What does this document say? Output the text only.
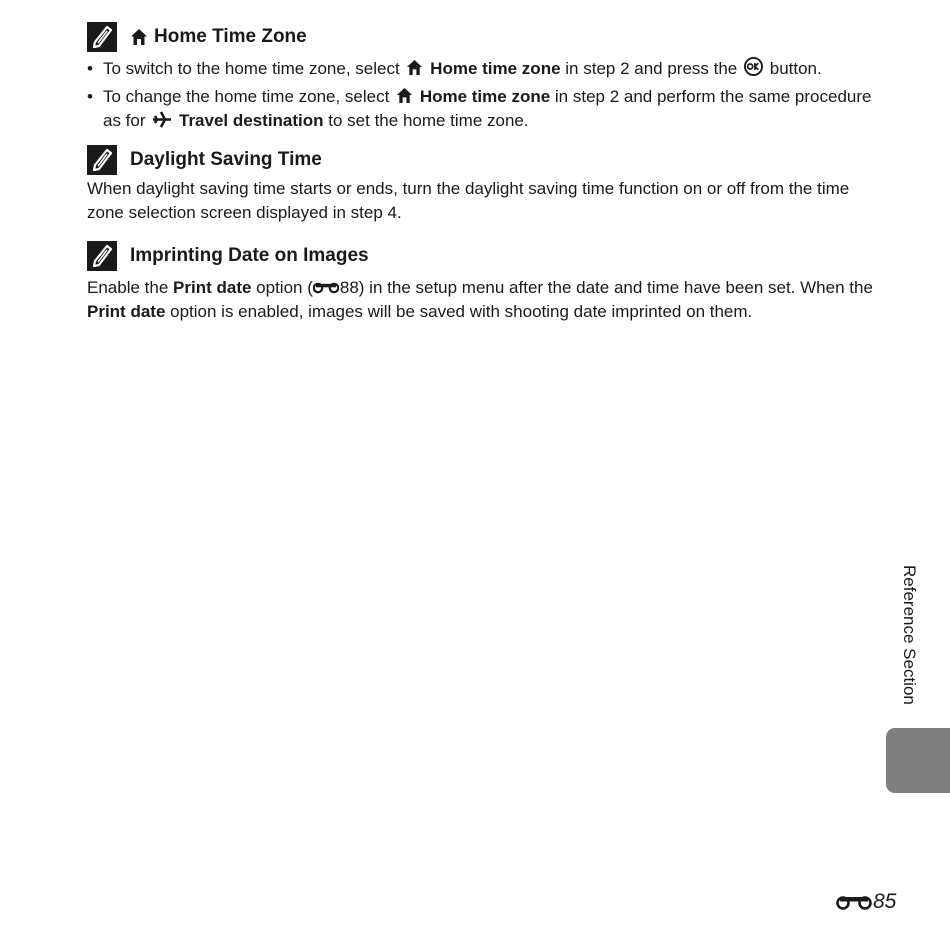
Home Time Zone
• To switch to the home time zone, select Home time zone in step 2 and press the button.
• To change the home time zone, select Home time zone in step 2 and perform the same procedure as for Travel destination to set the home time zone.
Daylight Saving Time

When daylight saving time starts or ends, turn the daylight saving time function on or off from the time zone selection screen displayed in step 4.

Imprinting Date on Images

Enable the Print date option ( 88) in the setup menu after the date and time have been set. When the Print date option is enabled, images will be saved with shooting date imprinted on them.

Reference Section
85
